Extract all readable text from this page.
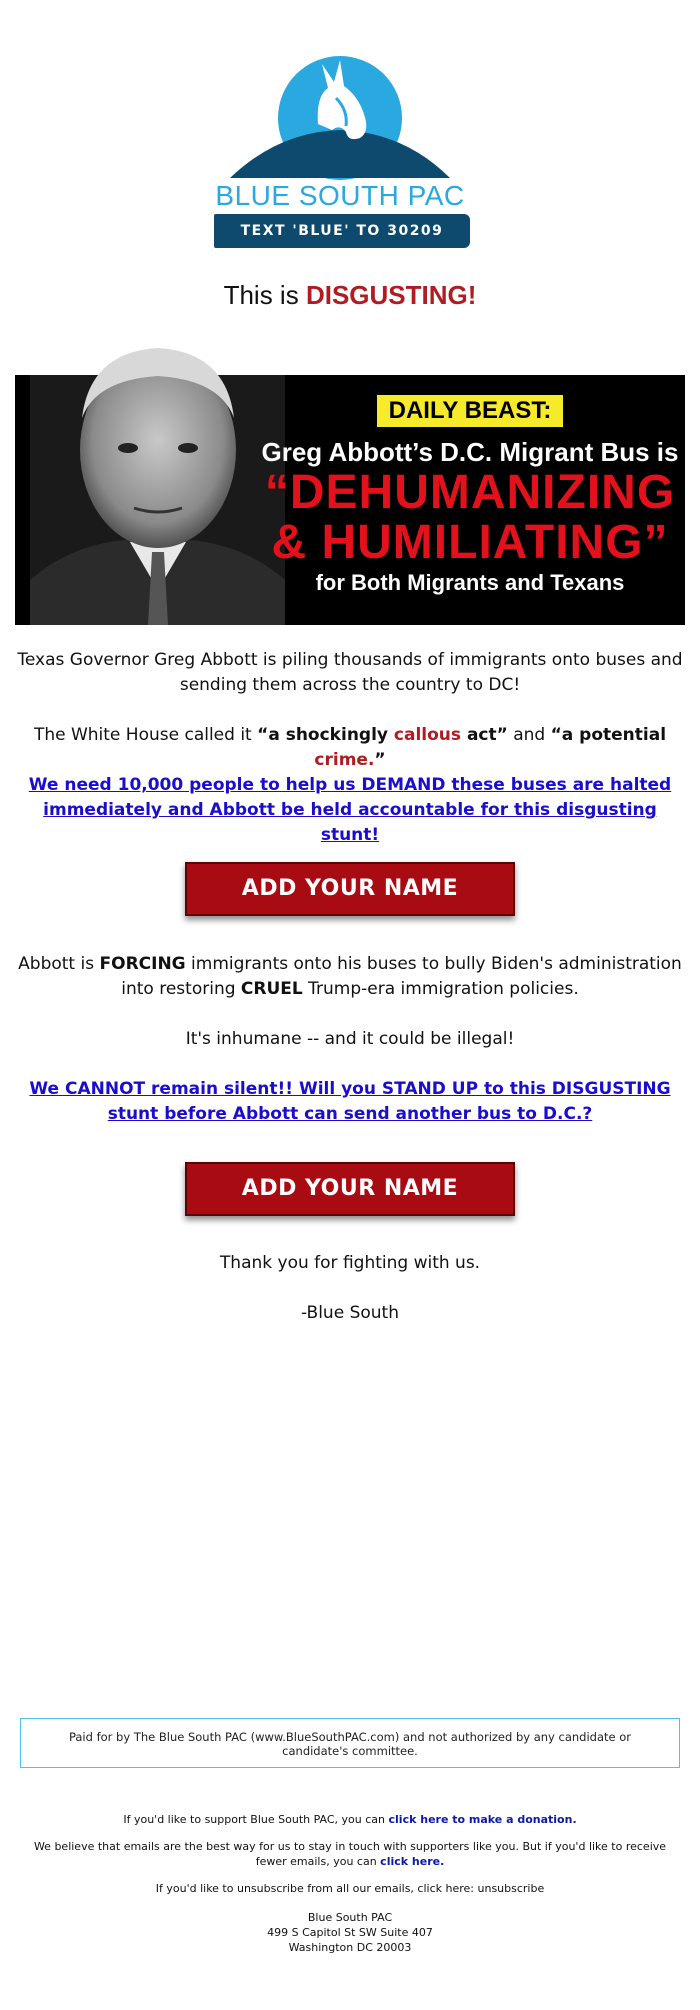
BLUE SOUTH PAC
TEXT 'BLUE' TO 30209
This is DISGUSTING!
DAILY BEAST:
Greg Abbott’s D.C. Migrant Bus is
“DEHUMANIZING
& HUMILIATING”
for Both Migrants and Texans
Texas Governor Greg Abbott is piling thousands of immigrants onto buses and sending them across the country to DC!
The White House called it “a shockingly callous act” and “a potential crime.”
We need 10,000 people to help us DEMAND these buses are halted immediately and Abbott be held accountable for this disgusting stunt!
ADD YOUR NAME
Abbott is FORCING immigrants onto his buses to bully Biden's administration into restoring CRUEL Trump-era immigration policies.
It's inhumane -- and it could be illegal!
We CANNOT remain silent!! Will you STAND UP to this DISGUSTING stunt before Abbott can send another bus to D.C.?
ADD YOUR NAME
Thank you for fighting with us.
-Blue South
Paid for by The Blue South PAC (www.BlueSouthPAC.com) and not authorized by any candidate or candidate's committee.
If you'd like to support Blue South PAC, you can click here to make a donation.
We believe that emails are the best way for us to stay in touch with supporters like you. But if you'd like to receive fewer emails, you can click here.
If you'd like to unsubscribe from all our emails, click here: unsubscribe
Blue South PAC
499 S Capitol St SW Suite 407
Washington DC 20003
